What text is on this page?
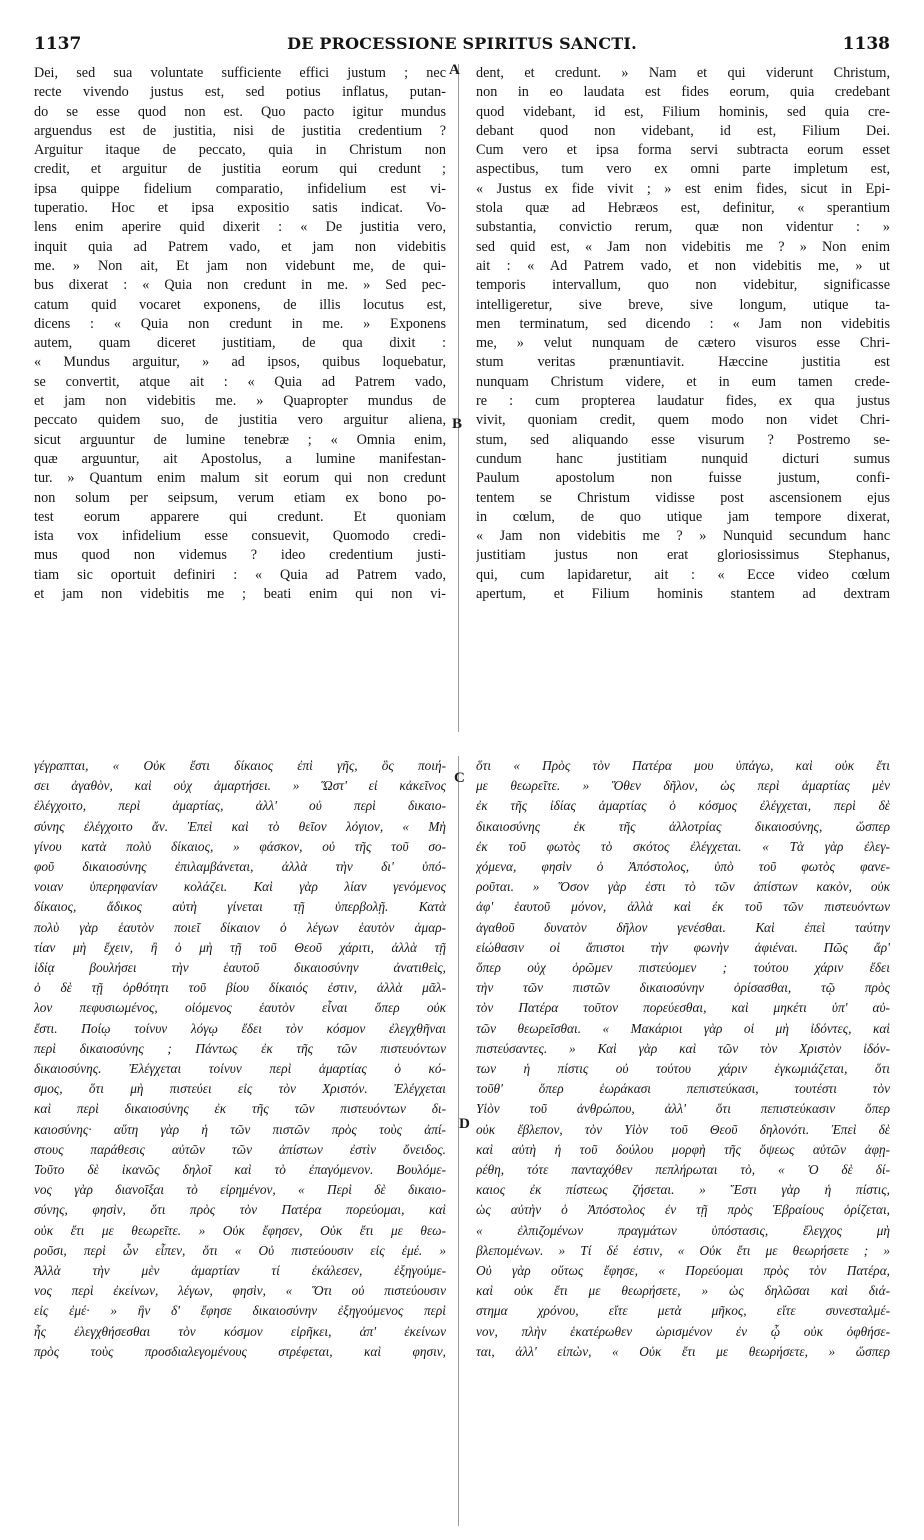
1137	DE PROCESSIONE SPIRITUS SANCTI.	1138
A
B
C
D
Dei, sed sua voluntate sufficiente effici justum ; nec
recte vivendo justus est, sed potius inflatus, putan-
do se esse quod non est. Quo pacto igitur mundus
arguendus est de justitia, nisi de justitia credentium ?
Arguitur itaque de peccato, quia in Christum non
credit, et arguitur de justitia eorum qui credunt ;
ipsa quippe fidelium comparatio, infidelium est vi-
tuperatio. Hoc et ipsa expositio satis indicat. Vo-
lens enim aperire quid dixerit : « De justitia vero,
inquit quia ad Patrem vado, et jam non videbitis
me. » Non ait, Et jam non videbunt me, de qui-
bus dixerat : « Quia non credunt in me. » Sed pec-
catum quid vocaret exponens, de illis locutus est,
dicens : « Quia non credunt in me. » Exponens
autem, quam diceret justitiam, de qua dixit :
« Mundus arguitur, » ad ipsos, quibus loquebatur,
se convertit, atque ait : « Quia ad Patrem vado,
et jam non videbitis me. » Quapropter mundus de
peccato quidem suo, de justitia vero arguitur aliena,
sicut arguuntur de lumine tenebræ ; « Omnia enim,
quæ arguuntur, ait Apostolus, a lumine manifestan-
tur. » Quantum enim malum sit eorum qui non credunt
non solum per seipsum, verum etiam ex bono po-
test eorum apparere qui credunt. Et quoniam
ista vox infidelium esse consuevit, Quomodo credi-
mus quod non videmus ? ideo credentium justi-
tiam sic oportuit definiri : « Quia ad Patrem vado,
et jam non videbitis me ; beati enim qui non vi-
dent, et credunt. » Nam et qui viderunt Christum,
non in eo laudata est fides eorum, quia credebant
quod videbant, id est, Filium hominis, sed quia cre-
debant quod non videbant, id est, Filium Dei.
Cum vero et ipsa forma servi subtracta eorum esset
aspectibus, tum vero ex omni parte impletum est,
« Justus ex fide vivit ; » est enim fides, sicut in Epi-
stola quæ ad Hebræos est, definitur, « sperantium
substantia, convictio rerum, quæ non videntur : »
sed quid est, « Jam non videbitis me ? » Non enim
ait : « Ad Patrem vado, et non videbitis me, » ut
temporis intervallum, quo non videbitur, significasse
intelligeretur, sive breve, sive longum, utique ta-
men terminatum, sed dicendo : « Jam non videbitis
me, » velut nunquam de cætero visuros esse Chri-
stum veritas prænuntiavit. Hæccine justitia est
nunquam Christum videre, et in eum tamen crede-
re : cum propterea laudatur fides, ex qua justus
vivit, quoniam credit, quem modo non videt Chri-
stum, sed aliquando esse visurum ? Postremo se-
cundum hanc justitiam nunquid dicturi sumus
Paulum apostolum non fuisse justum, confi-
tentem se Christum vidisse post ascensionem ejus
in cœlum, de quo utique jam tempore dixerat,
« Jam non videbitis me ? » Nunquid secundum hanc
justitiam justus non erat gloriosissimus Stephanus,
qui, cum lapidaretur, ait : « Ecce video cœlum
apertum, et Filium hominis stantem ad dextram
γέγραπται, « Οὐκ ἔστι δίκαιος ἐπὶ γῆς, ὃς ποιή-
σει ἀγαθὸν, καὶ οὐχ ἁμαρτήσει. » Ὥστ' εἰ κἀκεῖνος
ἐλέγχοιτο, περὶ ἁμαρτίας, ἀλλ' οὐ περὶ δικαιο-
σύνης ἐλέγχοιτο ἄν. Ἐπεὶ καὶ τὸ θεῖον λόγιον, « Μὴ
γίνου κατὰ πολὺ δίκαιος, » φάσκον, οὐ τῆς τοῦ σο-
φοῦ δικαιοσύνης ἐπιλαμβάνεται, ἀλλὰ τὴν δι' ὑπό-
νοιαν ὑπερηφανίαν κολάζει. Καὶ γὰρ λίαν γενόμενος
δίκαιος, ἄδικος αὐτὴ γίνεται τῇ ὑπερβολῇ. Κατὰ
πολὺ γὰρ ἑαυτὸν ποιεῖ δίκαιον ὁ λέγων ἑαυτὸν ἁμαρ-
τίαν μὴ ἔχειν, ἢ ὁ μὴ τῇ τοῦ Θεοῦ χάριτι, ἀλλὰ τῇ
ἰδίᾳ βουλήσει τὴν ἑαυτοῦ δικαιοσύνην ἀνατιθεὶς,
ὁ δὲ τῇ ὀρθότητι τοῦ βίου δίκαιός ἐστιν, ἀλλὰ μᾶλ-
λον πεφυσιωμένος, οἰόμενος ἑαυτὸν εἶναι ὅπερ οὐκ
ἔστι. Ποίῳ τοίνυν λόγῳ ἔδει τὸν κόσμον ἐλεγχθῆναι
περὶ δικαιοσύνης ; Πάντως ἐκ τῆς τῶν πιστευόντων
δικαιοσύνης. Ἐλέγχεται τοίνυν περὶ ἁμαρτίας ὁ κό-
σμος, ὅτι μὴ πιστεύει εἰς τὸν Χριστόν. Ἐλέγχεται
καὶ περὶ δικαιοσύνης ἐκ τῆς τῶν πιστευόντων δι-
καιοσύνης· αὕτη γὰρ ἡ τῶν πιστῶν πρὸς τοὺς ἀπί-
στους παράθεσις αὐτῶν τῶν ἀπίστων ἐστὶν ὄνειδος.
Τοῦτο δὲ ἱκανῶς δηλοῖ καὶ τὸ ἐπαγόμενον. Βουλόμε-
νος γὰρ διανοῖξαι τὸ εἰρημένον, « Περὶ δὲ δικαιο-
σύνης, φησὶν, ὅτι πρὸς τὸν Πατέρα πορεύομαι, καὶ
οὐκ ἔτι με θεωρεῖτε. » Οὐκ ἔφησεν, Οὐκ ἔτι με θεω-
ροῦσι, περὶ ὧν εἶπεν, ὅτι « Οὐ πιστεύουσιν εἰς ἐμέ. »
Ἀλλὰ τὴν μὲν ἁμαρτίαν τί ἐκάλεσεν, ἐξηγούμε-
νος περὶ ἐκείνων, λέγων, φησὶν, « Ὅτι οὐ πιστεύουσιν
εἰς ἐμέ· » ἣν δ' ἔφησε δικαιοσύνην ἐξηγούμενος περὶ
ἧς ἐλεγχθήσεσθαι τὸν κόσμον εἰρῆκει, ἀπ' ἐκείνων
πρὸς τοὺς προσδιαλεγομένους στρέφεται, καὶ φησιν,
ὅτι « Πρὸς τὸν Πατέρα μου ὑπάγω, καὶ οὐκ ἔτι
με θεωρεῖτε. » Ὅθεν δῆλον, ὡς περὶ ἁμαρτίας μὲν
ἐκ τῆς ἰδίας ἁμαρτίας ὁ κόσμος ἐλέγχεται, περὶ δὲ
δικαιοσύνης ἐκ τῆς ἀλλοτρίας δικαιοσύνης, ὥσπερ
ἐκ τοῦ φωτὸς τὸ σκότος ἐλέγχεται. « Τὰ γὰρ ἐλεγ-
χόμενα, φησὶν ὁ Ἀπόστολος, ὑπὸ τοῦ φωτὸς φανε-
ροῦται. » Ὅσον γὰρ ἐστι τὸ τῶν ἀπίστων κακὸν, οὐκ
ἀφ' ἑαυτοῦ μόνον, ἀλλὰ καὶ ἐκ τοῦ τῶν πιστευόντων
ἀγαθοῦ δυνατὸν δῆλον γενέσθαι. Καὶ ἐπεὶ ταύτην
εἰώθασιν οἱ ἄπιστοι τὴν φωνὴν ἀφιέναι. Πῶς ἄρ'
ὅπερ οὐχ ὁρῶμεν πιστεύομεν ; τούτου χάριν ἔδει
τὴν τῶν πιστῶν δικαιοσύνην ὁρίσασθαι, τῷ πρὸς
τὸν Πατέρα τοῦτον πορεύεσθαι, καὶ μηκέτι ὑπ' αὐ-
τῶν θεωρεῖσθαι. « Μακάριοι γὰρ οἱ μὴ ἰδόντες, καὶ
πιστεύσαντες. » Καὶ γὰρ καὶ τῶν τὸν Χριστὸν ἰδόν-
των ἡ πίστις οὐ τούτου χάριν ἐγκωμιάζεται, ὅτι
τοῦθ' ὅπερ ἑωράκασι πεπιστεύκασι, τουτέστι τὸν
Υἱὸν τοῦ ἀνθρώπου, ἀλλ' ὅτι πεπιστεύκασιν ὅπερ
οὐκ ἔβλεπον, τὸν Υἱὸν τοῦ Θεοῦ δηλονότι. Ἐπεὶ δὲ
καὶ αὐτὴ ἡ τοῦ δούλου μορφὴ τῆς ὄψεως αὐτῶν ἀφῃ-
ρέθη, τότε πανταχόθεν πεπλήρωται τὸ, « Ὁ δὲ δί-
καιος ἐκ πίστεως ζήσεται. » Ἔστι γὰρ ἡ πίστις,
ὡς αὐτὴν ὁ Ἀπόστολος ἐν τῇ πρὸς Ἑβραίους ὁρίζεται,
« ἐλπιζομένων πραγμάτων ὑπόστασις, ἔλεγχος μὴ
βλεπομένων. » Τί δέ ἐστιν, « Οὐκ ἔτι με θεωρήσετε ; »
Οὐ γὰρ οὕτως ἔφησε, « Πορεύομαι πρὸς τὸν Πατέρα,
καὶ οὐκ ἔτι με θεωρήσετε, » ὡς δηλῶσαι καὶ διά-
στημα χρόνου, εἴτε μετὰ μῆκος, εἴτε συνεσταλμέ-
νον, πλὴν ἑκατέρωθεν ὡρισμένον ἐν ᾧ οὐκ ὀφθήσε-
ται, ἀλλ' εἰπὼν, « Οὐκ ἔτι με θεωρήσετε, » ὥσπερ
